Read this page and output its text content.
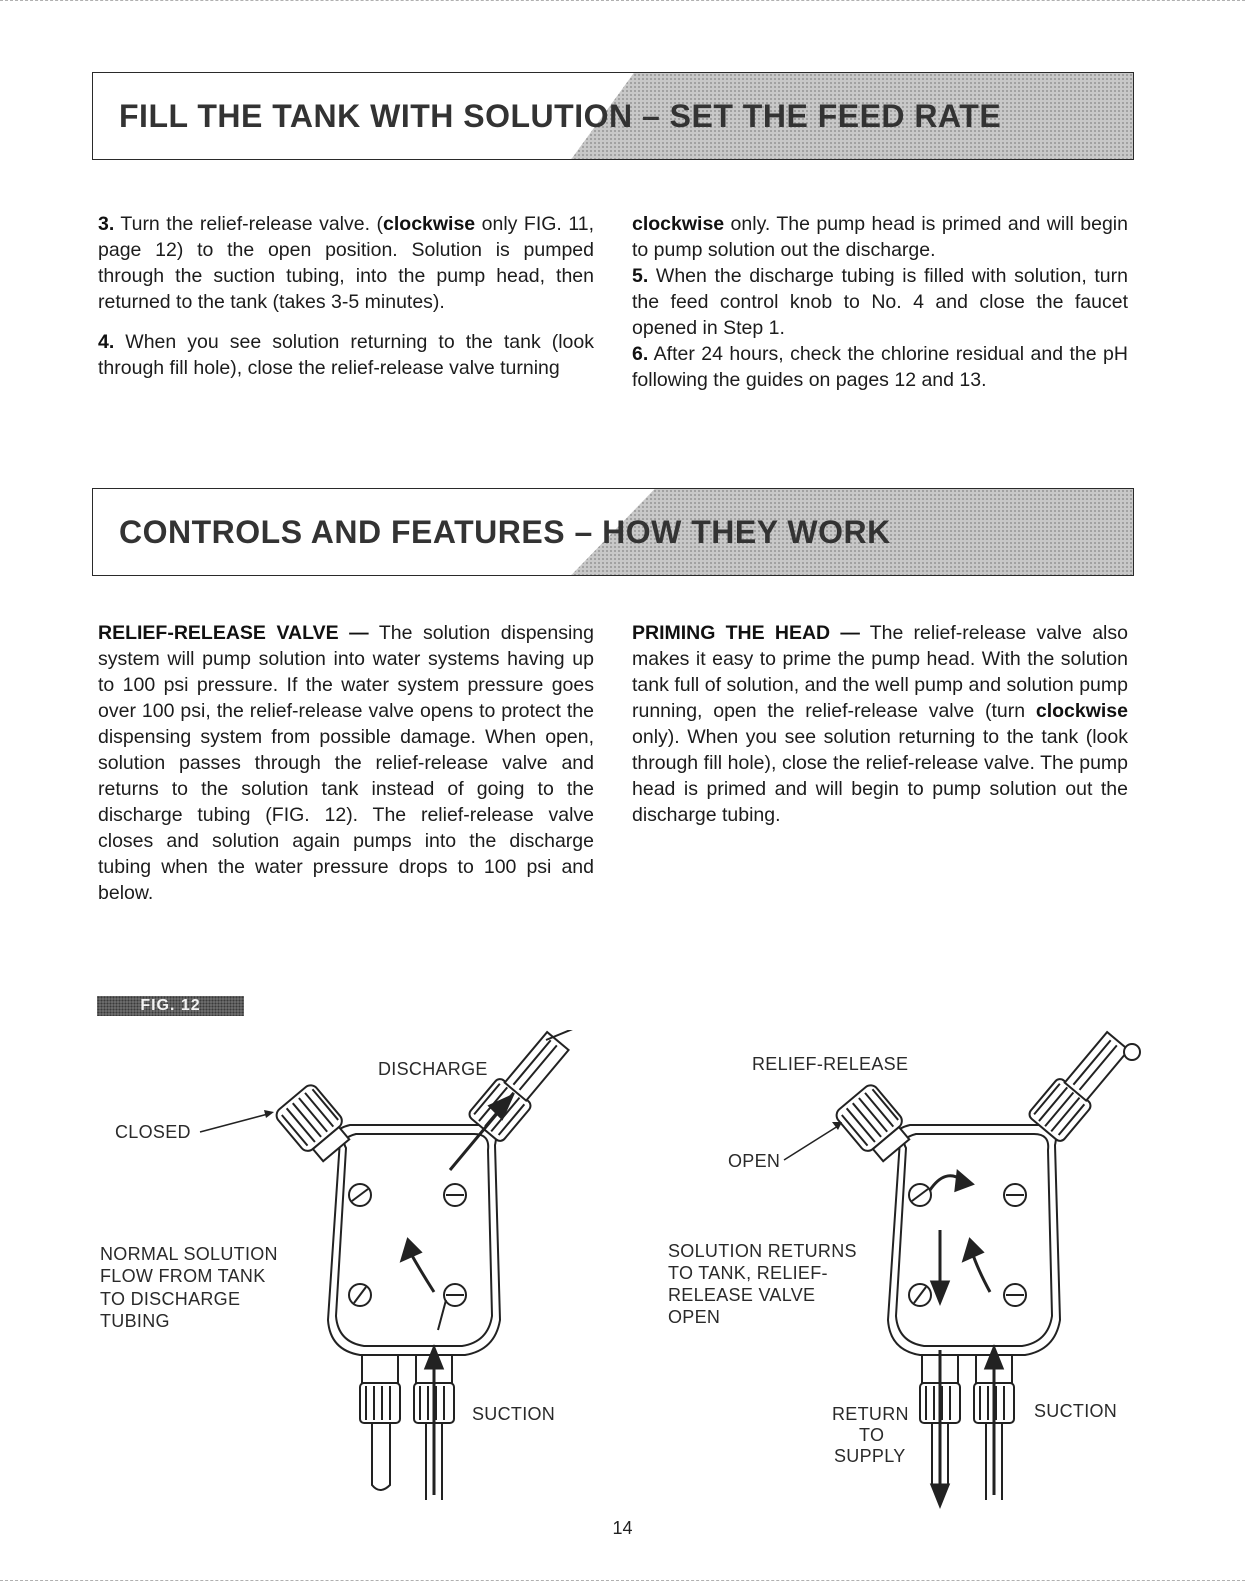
FILL THE TANK WITH SOLUTION – SET THE FEED RATE

3. Turn the relief-release valve. (clockwise only FIG. 11, page 12) to the open position. Solution is pumped through the suction tubing, into the pump head, then returned to the tank (takes 3-5 minutes).

4. When you see solution returning to the tank (look through fill hole), close the relief-release valve turning

clockwise only. The pump head is primed and will begin to pump solution out the discharge.

5. When the discharge tubing is filled with solution, turn the feed control knob to No. 4 and close the faucet opened in Step 1.

6. After 24 hours, check the chlorine residual and the pH following the guides on pages 12 and 13.

CONTROLS AND FEATURES – HOW THEY WORK

RELIEF-RELEASE VALVE — The solution dispensing system will pump solution into water systems having up to 100 psi pressure. If the water system pressure goes over 100 psi, the relief-release valve opens to protect the dispensing system from possible damage. When open, solution passes through the relief-release valve and returns to the solution tank instead of going to the discharge tubing (FIG. 12). The relief-release valve closes and solution again pumps into the discharge tubing when the water pressure drops to 100 psi and below.

PRIMING THE HEAD — The relief-release valve also makes it easy to prime the pump head. With the solution tank full of solution, and the well pump and solution pump running, open the relief-release valve (turn clockwise only). When you see solution returning to the tank (look through fill hole), close the relief-release valve. The pump head is primed and will begin to pump solution out the discharge tubing.

FIG. 12
DISCHARGE
CLOSED
NORMAL SOLUTION
FLOW FROM TANK
TO DISCHARGE
TUBING
SUCTION
RELIEF-RELEASE
OPEN
SOLUTION RETURNS
TO TANK, RELIEF-
RELEASE VALVE
OPEN
RETURN
TO
SUPPLY
SUCTION
14
